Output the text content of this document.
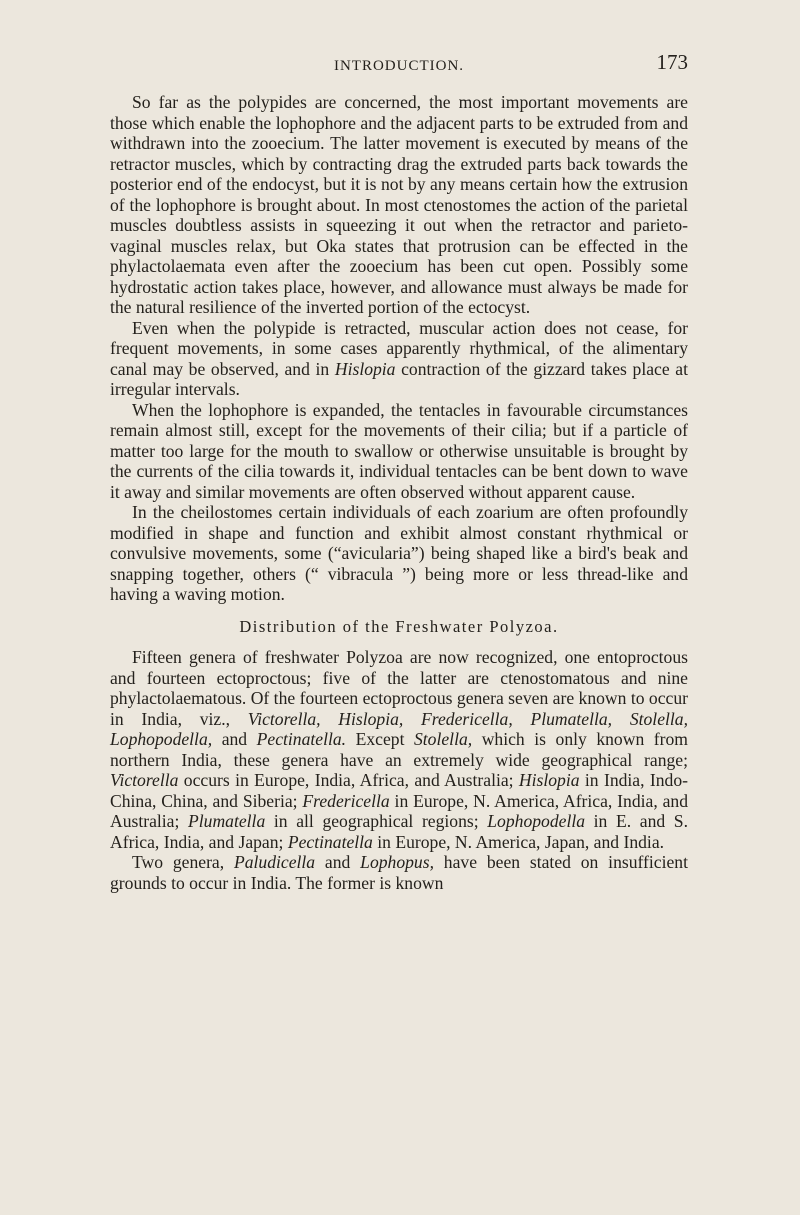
INTRODUCTION.	173

So far as the polypides are concerned, the most important movements are those which enable the lophophore and the adjacent parts to be extruded from and withdrawn into the zooecium. The latter movement is executed by means of the retractor muscles, which by contracting drag the extruded parts back towards the posterior end of the endocyst, but it is not by any means certain how the extrusion of the lophophore is brought about. In most ctenostomes the action of the parietal muscles doubtless assists in squeezing it out when the retractor and parieto-vaginal muscles relax, but Oka states that protrusion can be effected in the phylactolaemata even after the zooecium has been cut open. Possibly some hydrostatic action takes place, however, and allowance must always be made for the natural resilience of the inverted portion of the ectocyst.

Even when the polypide is retracted, muscular action does not cease, for frequent movements, in some cases apparently rhythmical, of the alimentary canal may be observed, and in Hislopia contraction of the gizzard takes place at irregular intervals.

When the lophophore is expanded, the tentacles in favourable circumstances remain almost still, except for the movements of their cilia; but if a particle of matter too large for the mouth to swallow or otherwise unsuitable is brought by the currents of the cilia towards it, individual tentacles can be bent down to wave it away and similar movements are often observed without apparent cause.

In the cheilostomes certain individuals of each zoarium are often profoundly modified in shape and function and exhibit almost constant rhythmical or convulsive movements, some (“avicularia”) being shaped like a bird's beak and snapping together, others (“ vibracula ”) being more or less thread-like and having a waving motion.

Distribution of the Freshwater Polyzoa.

Fifteen genera of freshwater Polyzoa are now recognized, one entoproctous and fourteen ectoproctous; five of the latter are ctenostomatous and nine phylactolaematous. Of the fourteen ectoproctous genera seven are known to occur in India, viz., Victorella, Hislopia, Fredericella, Plumatella, Stolella, Lophopodella, and Pectinatella. Except Stolella, which is only known from northern India, these genera have an extremely wide geographical range; Victorella occurs in Europe, India, Africa, and Australia; Hislopia in India, Indo-China, China, and Siberia; Fredericella in Europe, N. America, Africa, India, and Australia; Plumatella in all geographical regions; Lophopodella in E. and S. Africa, India, and Japan; Pectinatella in Europe, N. America, Japan, and India.

Two genera, Paludicella and Lophopus, have been stated on insufficient grounds to occur in India. The former is known
